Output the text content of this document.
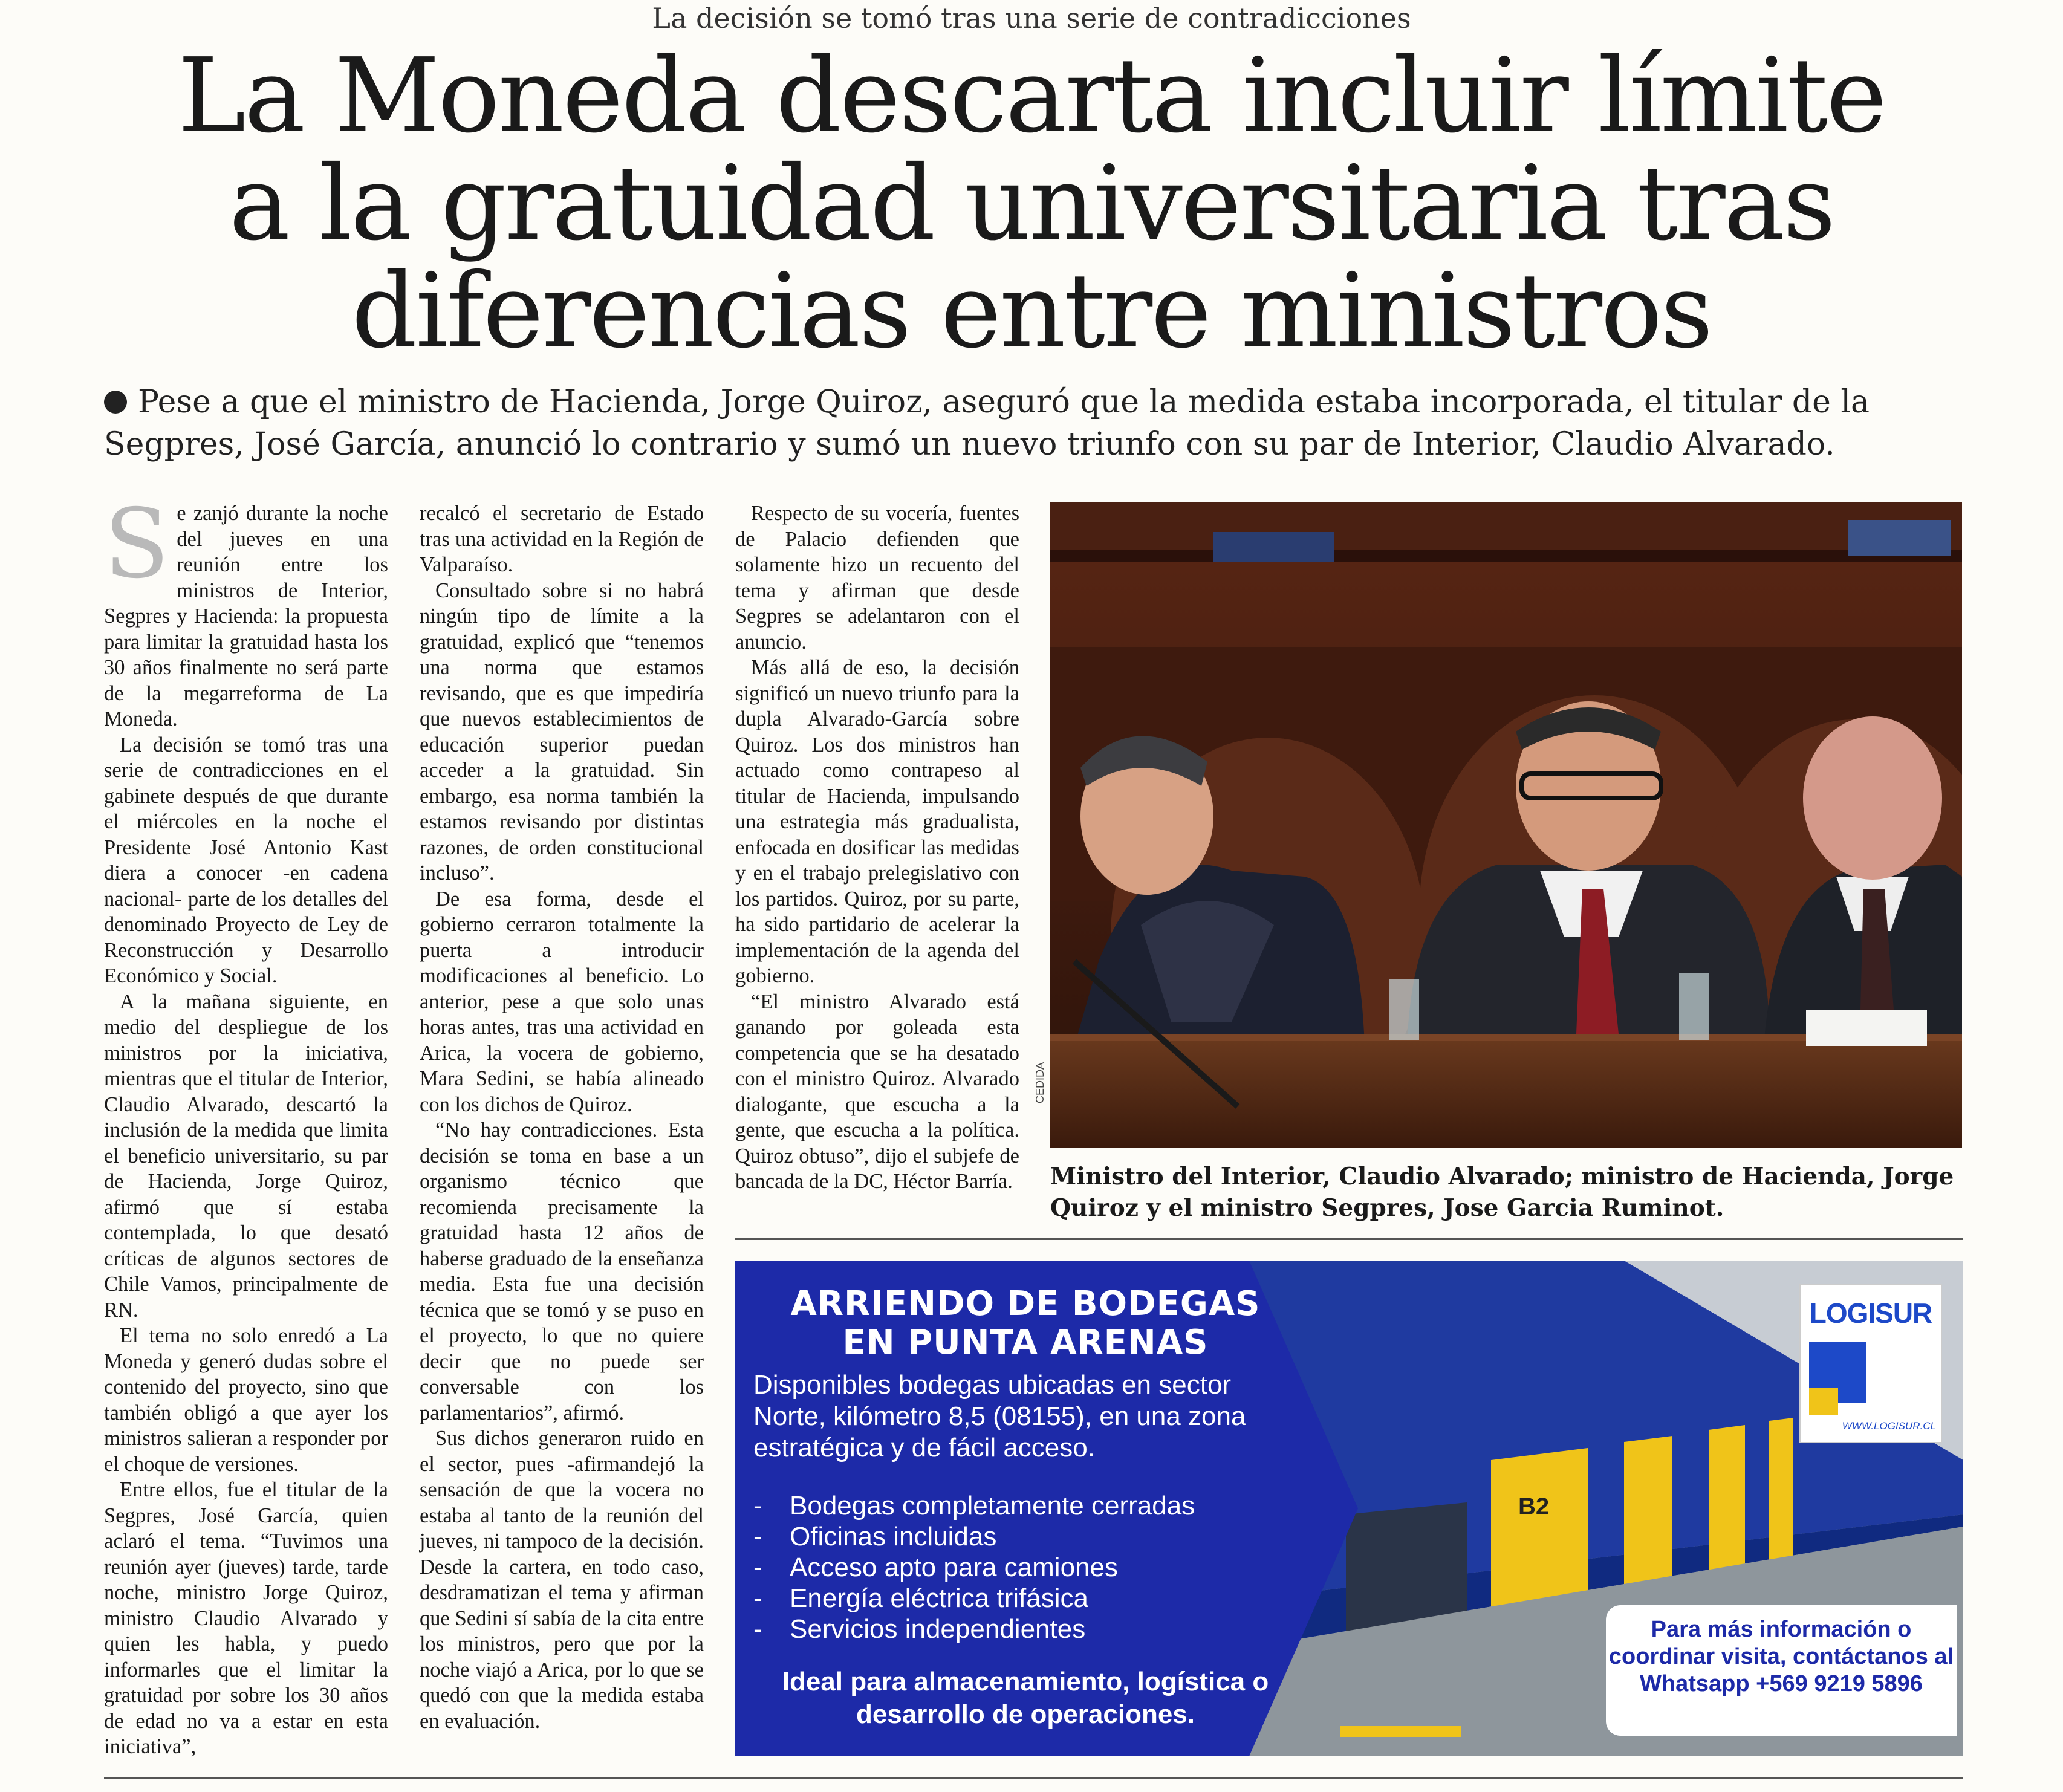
La decisión se tomó tras una serie de contradicciones
La Moneda descarta incluir límite
a la gratuidad universitaria tras
diferencias entre ministros
Pese a que el ministro de Hacienda, Jorge Quiroz, aseguró que la medida estaba incorporada, el titular de la Segpres, José García, anunció lo contrario y sumó un nuevo triunfo con su par de Interior, Claudio Alvarado.

Se zanjó durante la noche del jueves en una reunión entre los ministros de Interior, Segpres y Hacienda: la propuesta para limitar la gratuidad hasta los 30 años finalmente no será parte de la megarreforma de La Moneda.

La decisión se tomó tras una serie de contradicciones en el gabinete después de que durante el miércoles en la noche el Presidente José Antonio Kast diera a conocer -en cadena nacional- parte de los detalles del denominado Proyecto de Ley de Reconstrucción y Desarrollo Económico y Social.

A la mañana siguiente, en medio del despliegue de los ministros por la iniciativa, mientras que el titular de Interior, Claudio Alvarado, descartó la inclusión de la medida que limita el beneficio universitario, su par de Hacienda, Jorge Quiroz, afirmó que sí estaba contemplada, lo que desató críticas de algunos sectores de Chile Vamos, principalmente de RN.

El tema no solo enredó a La Moneda y generó dudas sobre el contenido del proyecto, sino que también obligó a que ayer los ministros salieran a responder por el choque de versiones.

Entre ellos, fue el titular de la Segpres, José García, quien aclaró el tema. “Tuvimos una reunión ayer (jueves) tarde, tarde noche, ministro Jorge Quiroz, ministro Claudio Alvarado y quien les habla, y puedo informarles que el limitar la gratuidad por sobre los 30 años de edad no va a estar en esta iniciativa”,

recalcó el secretario de Estado tras una actividad en la Región de Valparaíso.

Consultado sobre si no habrá ningún tipo de límite a la gratuidad, explicó que “tenemos una norma que estamos revisando, que es que impediría que nuevos establecimientos de educación superior puedan acceder a la gratuidad. Sin embargo, esa norma también la estamos revisando por distintas razones, de orden constitucional incluso”.

De esa forma, desde el gobierno cerraron totalmente la puerta a introducir modificaciones al beneficio. Lo anterior, pese a que solo unas horas antes, tras una actividad en Arica, la vocera de gobierno, Mara Sedini, se había alineado con los dichos de Quiroz.

“No hay contradicciones. Esta decisión se toma en base a un organismo técnico que recomienda precisamente la gratuidad hasta 12 años de haberse graduado de la enseñanza media. Esta fue una decisión técnica que se tomó y se puso en el proyecto, lo que no quiere decir que no puede ser conversable con los parlamentarios”, afirmó.

Sus dichos generaron ruido en el sector, pues -afirmandejó la sensación de que la vocera no estaba al tanto de la reunión del jueves, ni tampoco de la decisión. Desde la cartera, en todo caso, desdramatizan el tema y afirman que Sedini sí sabía de la cita entre los ministros, pero que por la noche viajó a Arica, por lo que se quedó con que la medida estaba en evaluación.

Respecto de su vocería, fuentes de Palacio defienden que solamente hizo un recuento del tema y afirman que desde Segpres se adelantaron con el anuncio.

Más allá de eso, la decisión significó un nuevo triunfo para la dupla Alvarado-García sobre Quiroz. Los dos ministros han actuado como contrapeso al titular de Hacienda, impulsando una estrategia más gradualista, enfocada en dosificar las medidas y en el trabajo prelegislativo con los partidos. Quiroz, por su parte, ha sido partidario de acelerar la implementación de la agenda del gobierno.

“El ministro Alvarado está ganando por goleada esta competencia que se ha desatado con el ministro Quiroz. Alvarado dialogante, que escucha a la gente, que escucha a la política. Quiroz obtuso”, dijo el subjefe de bancada de la DC, Héctor Barría.

CEDIDA
Ministro del Interior, Claudio Alvarado; ministro de Hacienda, Jorge Quiroz y el ministro Segpres, Jose Garcia Ruminot.
B2
ARRIENDO DE BODEGAS
EN PUNTA ARENAS
Disponibles bodegas ubicadas en sector Norte, kilómetro 8,5 (08155), en una zona estratégica y de fácil acceso.
- Bodegas completamente cerradas
- Oficinas incluidas
- Acceso apto para camiones
- Energía eléctrica trifásica
- Servicios independientes
Ideal para almacenamiento, logística o
desarrollo de operaciones.
LOGISUR
WWW.LOGISUR.CL
Para más información o
coordinar visita, contáctanos al
Whatsapp +569 9219 5896
